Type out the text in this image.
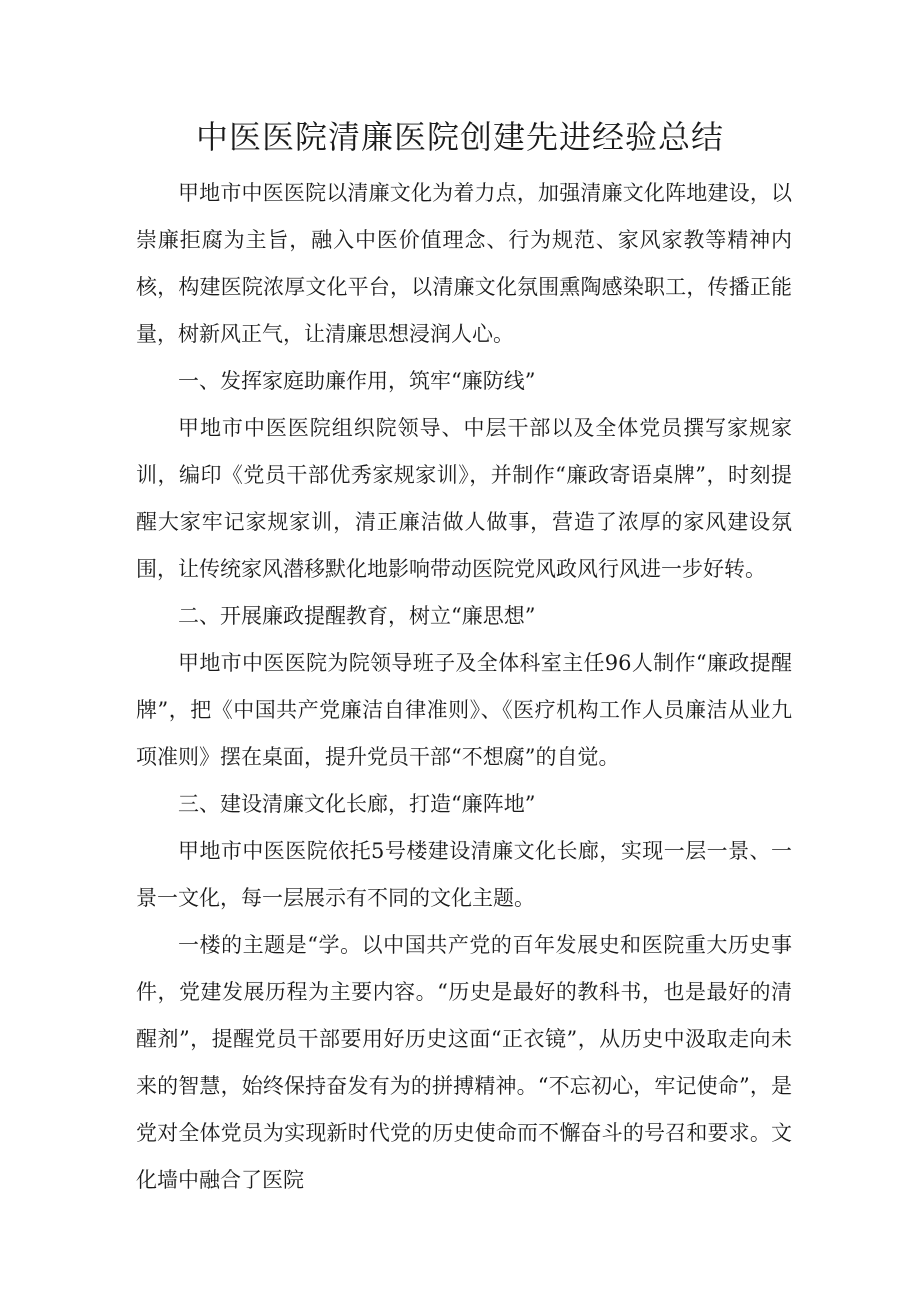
中医医院清廉医院创建先进经验总结

甲地市中医医院以清廉文化为着力点，加强清廉文化阵地建设，以崇廉拒腐为主旨，融入中医价值理念、行为规范、家风家教等精神内核，构建医院浓厚文化平台，以清廉文化氛围熏陶感染职工，传播正能量，树新风正气，让清廉思想浸润人心。

一、发挥家庭助廉作用，筑牢“廉防线”

甲地市中医医院组织院领导、中层干部以及全体党员撰写家规家训，编印《党员干部优秀家规家训》，并制作“廉政寄语桌牌”，时刻提醒大家牢记家规家训，清正廉洁做人做事，营造了浓厚的家风建设氛围，让传统家风潜移默化地影响带动医院党风政风行风进一步好转。

二、开展廉政提醒教育，树立“廉思想”

甲地市中医医院为院领导班子及全体科室主任96人制作“廉政提醒牌”，把《中国共产党廉洁自律准则》、《医疗机构工作人员廉洁从业九项准则》摆在桌面，提升党员干部“不想腐”的自觉。

三、建设清廉文化长廊，打造“廉阵地”

甲地市中医医院依托5号楼建设清廉文化长廊，实现一层一景、一景一文化，每一层展示有不同的文化主题。

一楼的主题是“学。以中国共产党的百年发展史和医院重大历史事件，党建发展历程为主要内容。“历史是最好的教科书，也是最好的清醒剂”，提醒党员干部要用好历史这面“正衣镜”，从历史中汲取走向未来的智慧，始终保持奋发有为的拼搏精神。“不忘初心，牢记使命”，是党对全体党员为实现新时代党的历史使命而不懈奋斗的号召和要求。文化墙中融合了医院
